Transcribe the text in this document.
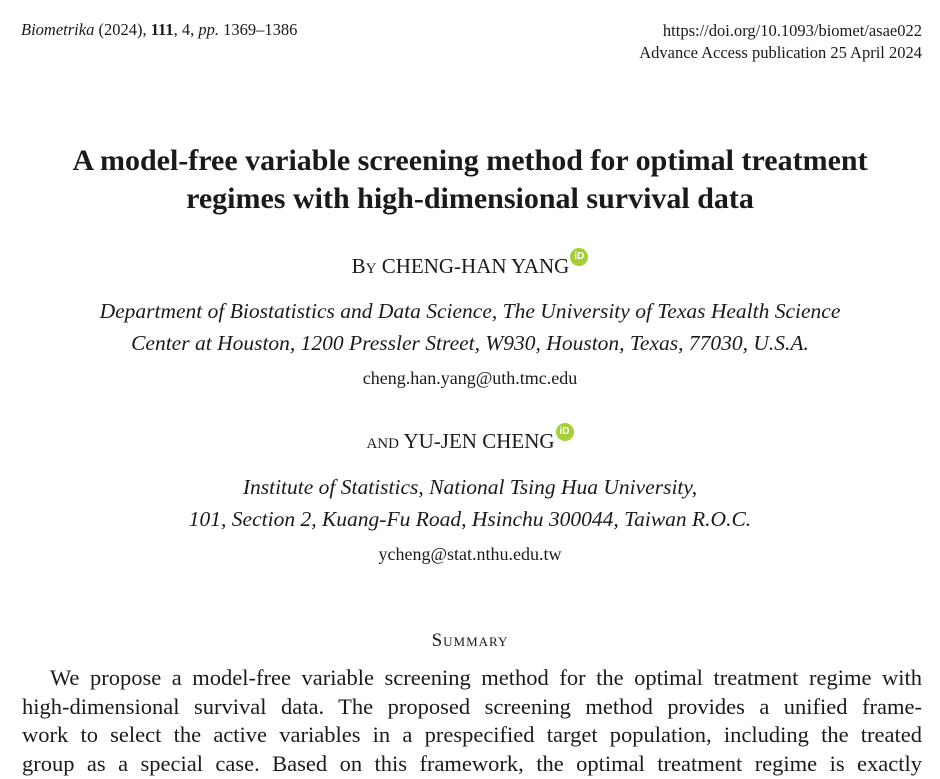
Biometrika (2024), 111, 4, pp. 1369–1386	https://doi.org/10.1093/biomet/asae022
Advance Access publication 25 April 2024
A model-free variable screening method for optimal treatment
regimes with high-dimensional survival data
By CHENG-HAN YANG iD
Department of Biostatistics and Data Science, The University of Texas Health Science
Center at Houston, 1200 Pressler Street, W930, Houston, Texas, 77030, U.S.A.
cheng.han.yang@uth.tmc.edu
and YU-JEN CHENG iD
Institute of Statistics, National Tsing Hua University,
101, Section 2, Kuang-Fu Road, Hsinchu 300044, Taiwan R.O.C.
ycheng@stat.nthu.edu.tw
Summary
We propose a model-free variable screening method for the optimal treatment regime with
high-dimensional survival data. The proposed screening method provides a unified frame-
work to select the active variables in a prespecified target population, including the treated
group as a special case. Based on this framework, the optimal treatment regime is exactly
